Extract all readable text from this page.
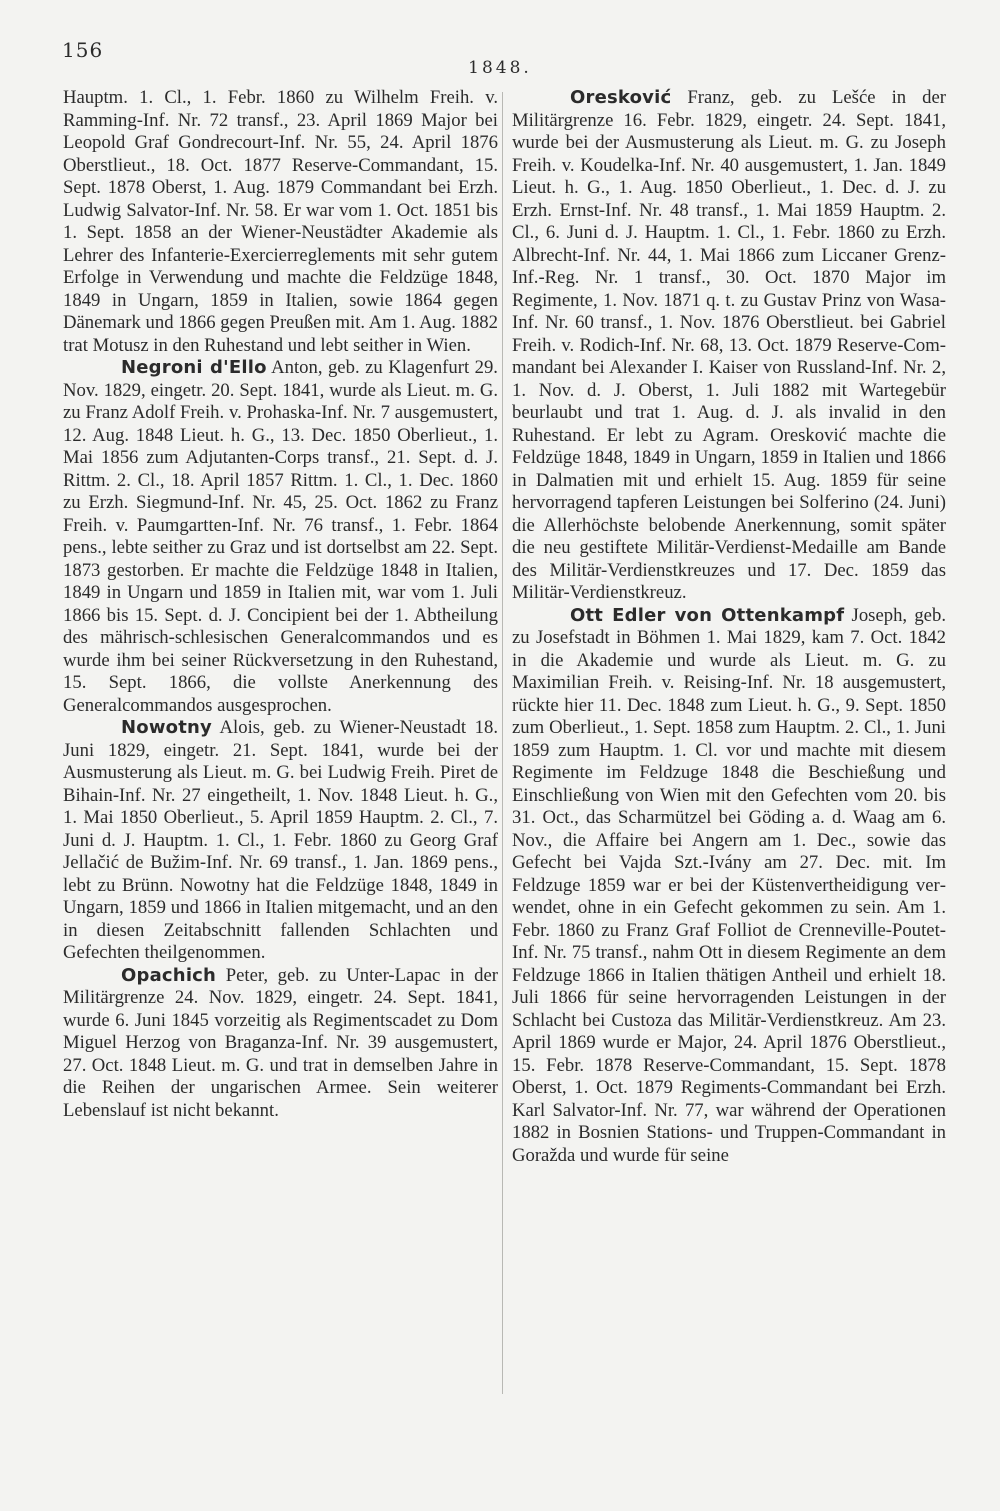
156
1848.

Hauptm. 1. Cl., 1. Febr. 1860 zu Wilhelm Freih. v. Ramming-Inf. Nr. 72 transf., 23. April 1869 Major bei Leopold Graf Gondrecourt-Inf. Nr. 55, 24. April 1876 Oberstlieut., 18. Oct. 1877 Reserve-Commandant, 15. Sept. 1878 Oberst, 1. Aug. 1879 Commandant bei Erzh. Ludwig Salvator-Inf. Nr. 58. Er war vom 1. Oct. 1851 bis 1. Sept. 1858 an der Wiener-Neustädter Akademie als Lehrer des Infanterie-Exercierreglements mit sehr gutem Erfolge in Verwendung und machte die Feldzüge 1848, 1849 in Ungarn, 1859 in Italien, sowie 1864 gegen Dänemark und 1866 gegen Preußen mit. Am 1. Aug. 1882 trat Motusz in den Ruhestand und lebt seither in Wien.

Negroni d'Ello Anton, geb. zu Klagenfurt 29. Nov. 1829, eingetr. 20. Sept. 1841, wurde als Lieut. m. G. zu Franz Adolf Freih. v. Prohaska-Inf. Nr. 7 ausgemustert, 12. Aug. 1848 Lieut. h. G., 13. Dec. 1850 Oberlieut., 1. Mai 1856 zum Adjutanten-Corps transf., 21. Sept. d. J. Rittm. 2. Cl., 18. April 1857 Rittm. 1. Cl., 1. Dec. 1860 zu Erzh. Siegmund-Inf. Nr. 45, 25. Oct. 1862 zu Franz Freih. v. Paumgartten-Inf. Nr. 76 transf., 1. Febr. 1864 pens., lebte seither zu Graz und ist dortselbst am 22. Sept. 1873 gestorben. Er machte die Feldzüge 1848 in Italien, 1849 in Ungarn und 1859 in Italien mit, war vom 1. Juli 1866 bis 15. Sept. d. J. Concipient bei der 1. Abtheilung des mährisch-schlesischen Generalcommandos und es wurde ihm bei seiner Rückversetzung in den Ruhestand, 15. Sept. 1866, die vollste Anerkennung des Generalcommandos ausgesprochen.

Nowotny Alois, geb. zu Wiener-Neustadt 18. Juni 1829, eingetr. 21. Sept. 1841, wurde bei der Ausmusterung als Lieut. m. G. bei Ludwig Freih. Piret de Bihain-Inf. Nr. 27 eingetheilt, 1. Nov. 1848 Lieut. h. G., 1. Mai 1850 Oberlieut., 5. April 1859 Hauptm. 2. Cl., 7. Juni d. J. Hauptm. 1. Cl., 1. Febr. 1860 zu Georg Graf Jellačić de Bužim-Inf. Nr. 69 transf., 1. Jan. 1869 pens., lebt zu Brünn. Nowotny hat die Feldzüge 1848, 1849 in Ungarn, 1859 und 1866 in Italien mitgemacht, und an den in diesen Zeitabschnitt fallenden Schlachten und Gefechten theilgenommen.

Opachich Peter, geb. zu Unter-Lapac in der Militärgrenze 24. Nov. 1829, eingetr. 24. Sept. 1841, wurde 6. Juni 1845 vorzeitig als Regimentscadet zu Dom Miguel Herzog von Braganza-Inf. Nr. 39 ausgemustert, 27. Oct. 1848 Lieut. m. G. und trat in demselben Jahre in die Reihen der ungarischen Armee. Sein weiterer Lebenslauf ist nicht bekannt.

Oresković Franz, geb. zu Lešće in der Militärgrenze 16. Febr. 1829, eingetr. 24. Sept. 1841, wurde bei der Ausmusterung als Lieut. m. G. zu Joseph Freih. v. Koudelka-Inf. Nr. 40 ausgemustert, 1. Jan. 1849 Lieut. h. G., 1. Aug. 1850 Oberlieut., 1. Dec. d. J. zu Erzh. Ernst-Inf. Nr. 48 transf., 1. Mai 1859 Hauptm. 2. Cl., 6. Juni d. J. Hauptm. 1. Cl., 1. Febr. 1860 zu Erzh. Albrecht-Inf. Nr. 44, 1. Mai 1866 zum Liccaner Grenz-Inf.-Reg. Nr. 1 transf., 30. Oct. 1870 Major im Regimente, 1. Nov. 1871 q. t. zu Gustav Prinz von Wasa-Inf. Nr. 60 transf., 1. Nov. 1876 Oberstlieut. bei Gabriel Freih. v. Rodich-Inf. Nr. 68, 13. Oct. 1879 Reserve-Commandant bei Alexander I. Kaiser von Russland-Inf. Nr. 2, 1. Nov. d. J. Oberst, 1. Juli 1882 mit Wartegebür beurlaubt und trat 1. Aug. d. J. als invalid in den Ruhestand. Er lebt zu Agram. Oresković machte die Feldzüge 1848, 1849 in Ungarn, 1859 in Italien und 1866 in Dalmatien mit und erhielt 15. Aug. 1859 für seine hervorragend tapferen Leistungen bei Solferino (24. Juni) die Allerhöchste belobende Anerkennung, somit später die neu gestiftete Militär-Verdienst-Medaille am Bande des Militär-Verdienstkreuzes und 17. Dec. 1859 das Militär-Verdienstkreuz.

Ott Edler von Ottenkampf Joseph, geb. zu Josefstadt in Böhmen 1. Mai 1829, kam 7. Oct. 1842 in die Akademie und wurde als Lieut. m. G. zu Maximilian Freih. v. Reising-Inf. Nr. 18 ausgemustert, rückte hier 11. Dec. 1848 zum Lieut. h. G., 9. Sept. 1850 zum Oberlieut., 1. Sept. 1858 zum Hauptm. 2. Cl., 1. Juni 1859 zum Hauptm. 1. Cl. vor und machte mit diesem Regimente im Feldzuge 1848 die Beschießung und Einschließung von Wien mit den Gefechten vom 20. bis 31. Oct., das Scharmützel bei Göding a. d. Waag am 6. Nov., die Affaire bei Angern am 1. Dec., sowie das Gefecht bei Vajda Szt.-Ivány am 27. Dec. mit. Im Feldzuge 1859 war er bei der Küstenvertheidigung verwendet, ohne in ein Gefecht gekommen zu sein. Am 1. Febr. 1860 zu Franz Graf Folliot de Crenneville-Poutet-Inf. Nr. 75 transf., nahm Ott in diesem Regimente an dem Feldzuge 1866 in Italien thätigen Antheil und erhielt 18. Juli 1866 für seine hervorragenden Leistungen in der Schlacht bei Custoza das Militär-Verdienstkreuz. Am 23. April 1869 wurde er Major, 24. April 1876 Oberstlieut., 15. Febr. 1878 Reserve-Commandant, 15. Sept. 1878 Oberst, 1. Oct. 1879 Regiments-Commandant bei Erzh. Karl Salvator-Inf. Nr. 77, war während der Operationen 1882 in Bosnien Stations- und Truppen-Commandant in Goražda und wurde für seine
